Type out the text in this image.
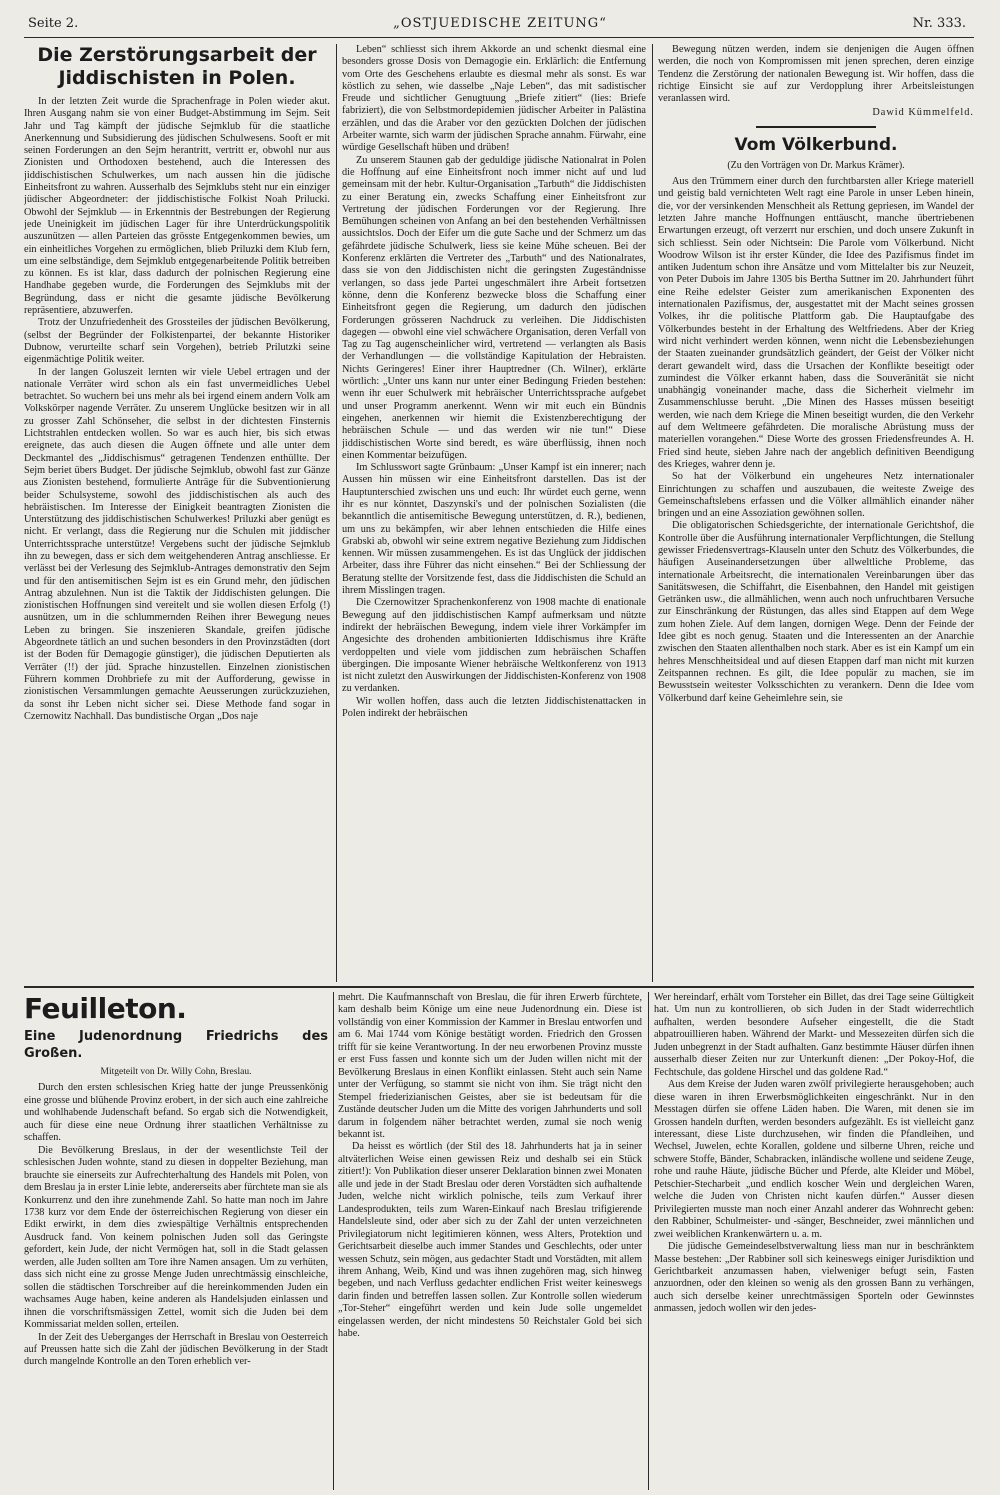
Seite 2.	„OSTJUEDISCHE ZEITUNG“	Nr. 333.
Die Zerstörungsarbeit der Jiddischisten in Polen.

In der letzten Zeit wurde die Sprachenfrage in Polen wieder akut. Ihren Ausgang nahm sie von einer Budget-Abstimmung im Sejm. Seit Jahr und Tag kämpft der jüdische Sejmklub für die staatliche Anerkennung und Subsidierung des jüdischen Schulwesens. Sooft er mit seinen Forderungen an den Sejm herantritt, vertritt er, obwohl nur aus Zionisten und Orthodoxen bestehend, auch die Interessen des jiddischistischen Schulwerkes, um nach aussen hin die jüdische Einheitsfront zu wahren. Ausserhalb des Sejmklubs steht nur ein einziger jüdischer Abgeordneter: der jiddischistische Folkist Noah Prilucki. Obwohl der Sejmklub — in Erkenntnis der Bestrebungen der Regierung jede Uneinigkeit im jüdischen Lager für ihre Unterdrückungspolitik auszunützen — allen Parteien das grösste Entgegenkommen bewies, um ein einheitliches Vorgehen zu ermöglichen, blieb Priluzki dem Klub fern, um eine selbständige, dem Sejmklub entgegenarbeitende Politik betreiben zu können. Es ist klar, dass dadurch der polnischen Regierung eine Handhabe gegeben wurde, die Forderungen des Sejmklubs mit der Begründung, dass er nicht die gesamte jüdische Bevölkerung repräsentiere, abzuwerfen.

Trotz der Unzufriedenheit des Grossteiles der jüdischen Bevölkerung, (selbst der Begründer der Folkistenpartei, der bekannte Historiker Dubnow, verurteilte scharf sein Vorgehen), betrieb Prilutzki seine eigenmächtige Politik weiter.

In der langen Goluszeit lernten wir viele Uebel ertragen und der nationale Verräter wird schon als ein fast unvermeidliches Uebel betrachtet. So wuchern bei uns mehr als bei irgend einem andern Volk am Volkskörper nagende Verräter. Zu unserem Unglücke besitzen wir in all zu grosser Zahl Schönseher, die selbst in der dichtesten Finsternis Lichtstrahlen entdecken wollen. So war es auch hier, bis sich etwas ereignete, das auch diesen die Augen öffnete und alle unter dem Deckmantel des „Jiddischismus“ getragenen Tendenzen enthüllte. Der Sejm beriet übers Budget. Der jüdische Sejmklub, obwohl fast zur Gänze aus Zionisten bestehend, formulierte Anträge für die Subventionierung beider Schulsysteme, sowohl des jiddischistischen als auch des hebräistischen. Im Interesse der Einigkeit beantragten Zionisten die Unterstützung des jiddischistischen Schulwerkes! Priluzki aber genügt es nicht. Er verlangt, dass die Regierung nur die Schulen mit jiddischer Unterrichtssprache unterstütze! Vergebens sucht der jüdische Sejmklub ihn zu bewegen, dass er sich dem weitgehenderen Antrag anschliesse. Er verlässt bei der Verlesung des Sejmklub-Antrages demonstrativ den Sejm und für den antisemitischen Sejm ist es ein Grund mehr, den jüdischen Antrag abzulehnen. Nun ist die Taktik der Jiddischisten gelungen. Die zionistischen Hoffnungen sind vereitelt und sie wollen diesen Erfolg (!) ausnützen, um in die schlummernden Reihen ihrer Bewegung neues Leben zu bringen. Sie inszenieren Skandale, greifen jüdische Abgeordnete tätlich an und suchen besonders in den Provinzstädten (dort ist der Boden für Demagogie günstiger), die jüdischen Deputierten als Verräter (!!) der jüd. Sprache hinzustellen. Einzelnen zionistischen Führern kommen Drohbriefe zu mit der Aufforderung, gewisse in zionistischen Versammlungen gemachte Aeusserungen zurückzuziehen, da sonst ihr Leben nicht sicher sei. Diese Methode fand sogar in Czernowitz Nachhall. Das bundistische Organ „Dos naje

Leben“ schliesst sich ihrem Akkorde an und schenkt diesmal eine besonders grosse Dosis von Demagogie ein. Erklärlich: die Entfernung vom Orte des Geschehens erlaubte es diesmal mehr als sonst. Es war köstlich zu sehen, wie dasselbe „Naje Leben“, das mit sadistischer Freude und sichtlicher Genugtuung „Briefe zitiert“ (lies: Briefe fabriziert), die von Selbstmordepidemien jüdischer Arbeiter in Palästina erzählen, und das die Araber vor den gezückten Dolchen der jüdischen Arbeiter warnte, sich warm der jüdischen Sprache annahm. Fürwahr, eine würdige Gesellschaft hüben und drüben!

Zu unserem Staunen gab der geduldige jüdische Nationalrat in Polen die Hoffnung auf eine Einheitsfront noch immer nicht auf und lud gemeinsam mit der hebr. Kultur-Organisation „Tarbuth“ die Jiddischisten zu einer Beratung ein, zwecks Schaffung einer Einheitsfront zur Vertretung der jüdischen Forderungen vor der Regierung. Ihre Bemühungen scheinen von Anfang an bei den bestehenden Verhältnissen aussichtslos. Doch der Eifer um die gute Sache und der Schmerz um das gefährdete jüdische Schulwerk, liess sie keine Mühe scheuen. Bei der Konferenz erklärten die Vertreter des „Tarbuth“ und des Nationalrates, dass sie von den Jiddischisten nicht die geringsten Zugeständnisse verlangen, so dass jede Partei ungeschmälert ihre Arbeit fortsetzen könne, denn die Konferenz bezwecke bloss die Schaffung einer Einheitsfront gegen die Regierung, um dadurch den jüdischen Forderungen grösseren Nachdruck zu verleihen. Die Jiddischisten dagegen — obwohl eine viel schwächere Organisation, deren Verfall von Tag zu Tag augenscheinlicher wird, vertretend — verlangten als Basis der Verhandlungen — die vollständige Kapitulation der Hebraisten. Nichts Geringeres! Einer ihrer Hauptredner (Ch. Wilner), erklärte wörtlich: „Unter uns kann nur unter einer Bedingung Frieden bestehen: wenn ihr euer Schulwerk mit hebräischer Unterrichtssprache aufgebet und unser Programm anerkennt. Wenn wir mit euch ein Bündnis eingehen, anerkennen wir hiemit die Existenzberechtigung der hebräischen Schule — und das werden wir nie tun!“ Diese jiddischistischen Worte sind beredt, es wäre überflüssig, ihnen noch einen Kommentar beizufügen.

Im Schlusswort sagte Grünbaum: „Unser Kampf ist ein innerer; nach Aussen hin müssen wir eine Einheitsfront darstellen. Das ist der Hauptunterschied zwischen uns und euch: Ihr würdet euch gerne, wenn ihr es nur könntet, Daszynski's und der polnischen Sozialisten (die bekanntlich die antisemitische Bewegung unterstützen, d. R.), bedienen, um uns zu bekämpfen, wir aber lehnen entschieden die Hilfe eines Grabski ab, obwohl wir seine extrem negative Beziehung zum Jiddischen kennen. Wir müssen zusammengehen. Es ist das Unglück der jiddischen Arbeiter, dass ihre Führer das nicht einsehen.“ Bei der Schliessung der Beratung stellte der Vorsitzende fest, dass die Jiddischisten die Schuld an ihrem Misslingen tragen.

Die Czernowitzer Sprachenkonferenz von 1908 machte di enationale Bewegung auf den jiddischistischen Kampf aufmerksam und nützte indirekt der hebräischen Bewegung, indem viele ihrer Vorkämpfer im Angesichte des drohenden ambitionierten Iddischismus ihre Kräfte verdoppelten und viele vom jiddischen zum hebräischen Schaffen übergingen. Die imposante Wiener hebräische Weltkonferenz von 1913 ist nicht zuletzt den Auswirkungen der Jiddischisten-Konferenz von 1908 zu verdanken.

Wir wollen hoffen, dass auch die letzten Jiddischistenattacken in Polen indirekt der hebräischen

Bewegung nützen werden, indem sie denjenigen die Augen öffnen werden, die noch von Kompromissen mit jenen sprechen, deren einzige Tendenz die Zerstörung der nationalen Bewegung ist. Wir hoffen, dass die richtige Einsicht sie auf zur Verdopplung ihrer Arbeitsleistungen veranlassen wird.

Dawid Kümmelfeld.
Vom Völkerbund.
(Zu den Vorträgen von Dr. Markus Krämer).

Aus den Trümmern einer durch den furchtbarsten aller Kriege materiell und geistig bald vernichteten Welt ragt eine Parole in unser Leben hinein, die, vor der versinkenden Menschheit als Rettung gepriesen, im Wandel der letzten Jahre manche Hoffnungen enttäuscht, manche übertriebenen Erwartungen erzeugt, oft verzerrt nur erschien, und doch unsere Zukunft in sich schliesst. Sein oder Nichtsein: Die Parole vom Völkerbund. Nicht Woodrow Wilson ist ihr erster Künder, die Idee des Pazifismus findet im antiken Judentum schon ihre Ansätze und vom Mittelalter bis zur Neuzeit, von Peter Dubois im Jahre 1305 bis Bertha Suttner im 20. Jahrhundert führt eine Reihe edelster Geister zum amerikanischen Exponenten des internationalen Pazifismus, der, ausgestattet mit der Macht seines grossen Volkes, ihr die politische Plattform gab. Die Hauptaufgabe des Völkerbundes besteht in der Erhaltung des Weltfriedens. Aber der Krieg wird nicht verhindert werden können, wenn nicht die Lebensbeziehungen der Staaten zueinander grundsätzlich geändert, der Geist der Völker nicht derart gewandelt wird, dass die Ursachen der Konflikte beseitigt oder zumindest die Völker erkannt haben, dass die Souveränität sie nicht unabhängig voneinander mache, dass die Sicherheit vielmehr im Zusammenschlusse beruht. „Die Minen des Hasses müssen beseitigt werden, wie nach dem Kriege die Minen beseitigt wurden, die den Verkehr auf dem Weltmeere gefährdeten. Die moralische Abrüstung muss der materiellen vorangehen.“ Diese Worte des grossen Friedensfreundes A. H. Fried sind heute, sieben Jahre nach der angeblich definitiven Beendigung des Krieges, wahrer denn je.

So hat der Völkerbund ein ungeheures Netz internationaler Einrichtungen zu schaffen und auszubauen, die weiteste Zweige des Gemeinschaftslebens erfassen und die Völker allmählich einander näher bringen und an eine Assoziation gewöhnen sollen.

Die obligatorischen Schiedsgerichte, der internationale Gerichtshof, die Kontrolle über die Ausführung internationaler Verpflichtungen, die Stellung gewisser Friedensvertrags-Klauseln unter den Schutz des Völkerbundes, die häufigen Auseinandersetzungen über allweltliche Probleme, das internationale Arbeitsrecht, die internationalen Vereinbarungen über das Sanitätswesen, die Schiffahrt, die Eisenbahnen, den Handel mit geistigen Getränken usw., die allmählichen, wenn auch noch unfruchtbaren Versuche zur Einschränkung der Rüstungen, das alles sind Etappen auf dem Wege zum hohen Ziele. Auf dem langen, dornigen Wege. Denn der Feinde der Idee gibt es noch genug. Staaten und die Interessenten an der Anarchie zwischen den Staaten allenthalben noch stark. Aber es ist ein Kampf um ein hehres Menschheitsideal und auf diesen Etappen darf man nicht mit kurzen Zeitspannen rechnen. Es gilt, die Idee populär zu machen, sie im Bewusstsein weitester Volksschichten zu verankern. Denn die Idee vom Völkerbund darf keine Geheimlehre sein, sie

Feuilleton.
Eine Judenordnung Friedrichs des Großen.
Mitgeteilt von Dr. Willy Cohn, Breslau.

Durch den ersten schlesischen Krieg hatte der junge Preussenkönig eine grosse und blühende Provinz erobert, in der sich auch eine zahlreiche und wohlhabende Judenschaft befand. So ergab sich die Notwendigkeit, auch für diese eine neue Ordnung ihrer staatlichen Verhältnisse zu schaffen.

Die Bevölkerung Breslaus, in der der wesentlichste Teil der schlesischen Juden wohnte, stand zu diesen in doppelter Beziehung, man brauchte sie einerseits zur Aufrechterhaltung des Handels mit Polen, von dem Breslau ja in erster Linie lebte, andererseits aber fürchtete man sie als Konkurrenz und den ihre zunehmende Zahl. So hatte man noch im Jahre 1738 kurz vor dem Ende der österreichischen Regierung von dieser ein Edikt erwirkt, in dem dies zwiespältige Verhältnis entsprechenden Ausdruck fand. Von keinem polnischen Juden soll das Geringste gefordert, kein Jude, der nicht Vermögen hat, soll in die Stadt gelassen werden, alle Juden sollten am Tore ihre Namen ansagen. Um zu verhüten, dass sich nicht eine zu grosse Menge Juden unrechtmässig einschleiche, sollen die städtischen Torschreiber auf die hereinkommenden Juden ein wachsames Auge haben, keine anderen als Handelsjuden einlassen und ihnen die vorschriftsmässigen Zettel, womit sich die Juden bei dem Kommissariat melden sollen, erteilen.

In der Zeit des Ueberganges der Herrschaft in Breslau von Oesterreich auf Preussen hatte sich die Zahl der jüdischen Bevölkerung in der Stadt durch mangelnde Kontrolle an den Toren erheblich ver-

mehrt. Die Kaufmannschaft von Breslau, die für ihren Erwerb fürchtete, kam deshalb beim Könige um eine neue Judenordnung ein. Diese ist vollständig von einer Kommission der Kammer in Breslau entworfen und am 6. Mai 1744 vom Könige bestätigt worden. Friedrich den Grossen trifft für sie keine Verantwortung. In der neu erworbenen Provinz musste er erst Fuss fassen und konnte sich um der Juden willen nicht mit der Bevölkerung Breslaus in einen Konflikt einlassen. Steht auch sein Name unter der Verfügung, so stammt sie nicht von ihm. Sie trägt nicht den Stempel friederizianischen Geistes, aber sie ist bedeutsam für die Zustände deutscher Juden um die Mitte des vorigen Jahrhunderts und soll darum in folgendem näher betrachtet werden, zumal sie noch wenig bekannt ist.

Da heisst es wörtlich (der Stil des 18. Jahrhunderts hat ja in seiner altväterlichen Weise einen gewissen Reiz und deshalb sei ein Stück zitiert!): Von Publikation dieser unserer Deklaration binnen zwei Monaten alle und jede in der Stadt Breslau oder deren Vorstädten sich aufhaltende Juden, welche nicht wirklich polnische, teils zum Verkauf ihrer Landesprodukten, teils zum Waren-Einkauf nach Breslau trifigierende Handelsleute sind, oder aber sich zu der Zahl der unten verzeichneten Privilegiatorum nicht legitimieren können, wess Alters, Protektion und Gerichtsarbeit dieselbe auch immer Standes und Geschlechts, oder unter wessen Schutz, sein mögen, aus gedachter Stadt und Vorstädten, mit allem ihrem Anhang, Weib, Kind und was ihnen zugehören mag, sich hinweg begeben, und nach Verfluss gedachter endlichen Frist weiter keineswegs darin finden und betreffen lassen sollen. Zur Kontrolle sollen wiederum „Tor-Steher“ eingeführt werden und kein Jude solle ungemeldet eingelassen werden, der nicht mindestens 50 Reichstaler Gold bei sich habe.

Wer hereindarf, erhält vom Torsteher ein Billet, das drei Tage seine Gültigkeit hat. Um nun zu kontrollieren, ob sich Juden in der Stadt widerrechtlich aufhalten, werden besondere Aufseher eingestellt, die die Stadt abpatrouillieren haben. Während der Markt- und Messezeiten dürfen sich die Juden unbegrenzt in der Stadt aufhalten. Ganz bestimmte Häuser dürfen ihnen ausserhalb dieser Zeiten nur zur Unterkunft dienen: „Der Pokoy-Hof, die Fechtschule, das goldene Hirschel und das goldene Rad.“

Aus dem Kreise der Juden waren zwölf privilegierte herausgehoben; auch diese waren in ihren Erwerbsmöglichkeiten eingeschränkt. Nur in den Messtagen dürfen sie offene Läden haben. Die Waren, mit denen sie im Grossen handeln durften, werden besonders aufgezählt. Es ist vielleicht ganz interessant, diese Liste durchzusehen, wir finden die Pfandleihen, und Wechsel, Juwelen, echte Korallen, goldene und silberne Uhren, reiche und schwere Stoffe, Bänder, Schabracken, inländische wollene und seidene Zeuge, rohe und rauhe Häute, jüdische Bücher und Pferde, alte Kleider und Möbel, Petschier-Stecharbeit „und endlich koscher Wein und dergleichen Waren, welche die Juden von Christen nicht kaufen dürfen.“ Ausser diesen Privilegierten musste man noch einer Anzahl anderer das Wohnrecht geben: den Rabbiner, Schulmeister- und -sänger, Beschneider, zwei männlichen und zwei weiblichen Krankenwärtern u. a. m.

Die jüdische Gemeindeselbstverwaltung liess man nur in beschränktem Masse bestehen: „Der Rabbiner soll sich keineswegs einiger Jurisdiktion und Gerichtbarkeit anzumassen haben, vielweniger befugt sein, Fasten anzuordnen, oder den kleinen so wenig als den grossen Bann zu verhängen, auch sich derselbe keiner unrechtmässigen Sporteln oder Gewinnstes anmassen, jedoch wollen wir den jedes-
